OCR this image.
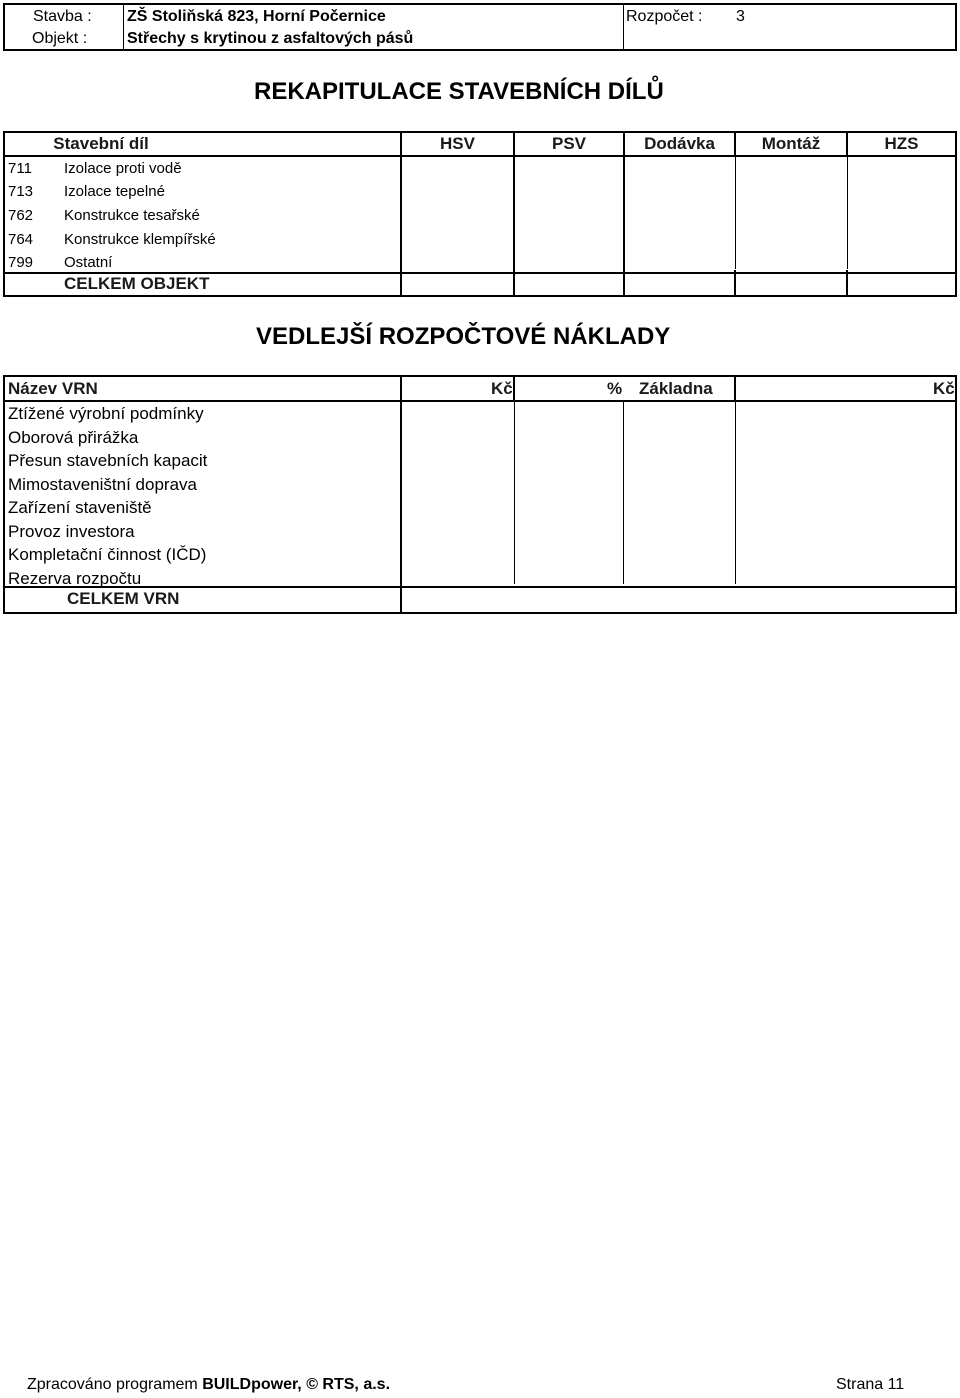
Stavba : ZŠ Stoliňská 823, Horní Počernice
Objekt : Střechy s krytinou z asfaltových pásů
Rozpočet : 3
REKAPITULACE STAVEBNÍCH DÍLŮ
Stavební díl	HSV	PSV	Dodávka	Montáž	HZS
711 Izolace proti vodě
713 Izolace tepelné
762 Konstrukce tesařské
764 Konstrukce klempířské
799 Ostatní
CELKEM OBJEKT
VEDLEJŠÍ ROZPOČTOVÉ NÁKLADY
Název VRN	Kč	% Základna	Kč
Ztížené výrobní podmínky
Oborová přirážka
Přesun stavebních kapacit
Mimostaveništní doprava
Zařízení staveniště
Provoz investora
Kompletační činnost (IČD)
Rezerva rozpočtu
CELKEM VRN
Zpracováno programem BUILDpower, © RTS, a.s.	Strana 11
